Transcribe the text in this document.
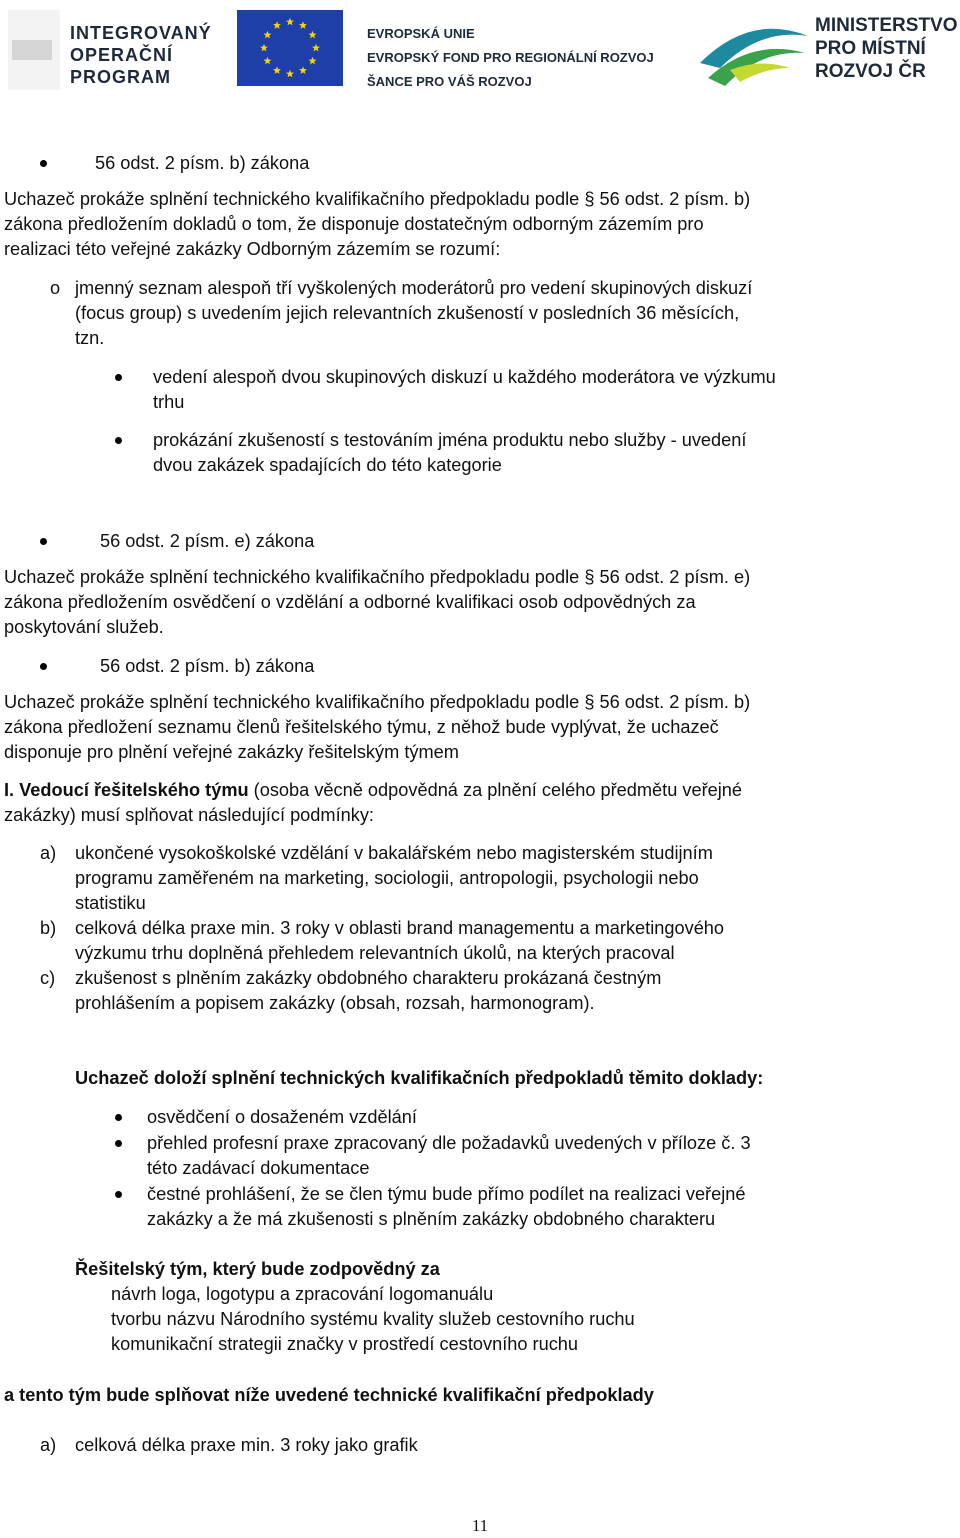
INTEGROVANÝ
OPERAČNÍ
PROGRAM
EVROPSKÁ UNIE
EVROPSKÝ FOND PRO REGIONÁLNÍ ROZVOJ
ŠANCE PRO VÁŠ ROZVOJ
MINISTERSTVO
PRO MÍSTNÍ
ROZVOJ ČR
56 odst. 2 písm. b) zákona
Uchazeč prokáže splnění technického kvalifikačního předpokladu podle § 56 odst. 2 písm. b)
zákona předložením dokladů o tom, že disponuje dostatečným odborným zázemím pro
realizaci této veřejné zakázky Odborným zázemím se rozumí:
o jmenný seznam alespoň tří vyškolených moderátorů pro vedení skupinových diskuzí
(focus group) s uvedením jejich relevantních zkušeností v posledních 36 měsících,
tzn.
vedení alespoň dvou skupinových diskuzí u každého moderátora ve výzkumu
trhu
prokázání zkušeností s testováním jména produktu nebo služby - uvedení
dvou zakázek spadajících do této kategorie
56 odst. 2 písm. e) zákona
Uchazeč prokáže splnění technického kvalifikačního předpokladu podle § 56 odst. 2 písm. e)
zákona předložením osvědčení o vzdělání a odborné kvalifikaci osob odpovědných za
poskytování služeb.
56 odst. 2 písm. b) zákona
Uchazeč prokáže splnění technického kvalifikačního předpokladu podle § 56 odst. 2 písm. b)
zákona předložení seznamu členů řešitelského týmu, z něhož bude vyplývat, že uchazeč
disponuje pro plnění veřejné zakázky řešitelským týmem
I. Vedoucí řešitelského týmu (osoba věcně odpovědná za plnění celého předmětu veřejné
zakázky) musí splňovat následující podmínky:
a) ukončené vysokoškolské vzdělání v bakalářském nebo magisterském studijním
programu zaměřeném na marketing, sociologii, antropologii, psychologii nebo
statistiku
b) celková délka praxe min. 3 roky v oblasti brand managementu a marketingového
výzkumu trhu doplněná přehledem relevantních úkolů, na kterých pracoval
c) zkušenost s plněním zakázky obdobného charakteru prokázaná čestným
prohlášením a popisem zakázky (obsah, rozsah, harmonogram).
Uchazeč doloží splnění technických kvalifikačních předpokladů těmito doklady:
osvědčení o dosaženém vzdělání
přehled profesní praxe zpracovaný dle požadavků uvedených v příloze č. 3
této zadávací dokumentace
čestné prohlášení, že se člen týmu bude přímo podílet na realizaci veřejné
zakázky a že má zkušenosti s plněním zakázky obdobného charakteru
Řešitelský tým, který bude zodpovědný za
návrh loga, logotypu a zpracování logomanuálu
tvorbu názvu Národního systému kvality služeb cestovního ruchu
komunikační strategii značky v prostředí cestovního ruchu
a tento tým bude splňovat níže uvedené technické kvalifikační předpoklady
a) celková délka praxe min. 3 roky jako grafik
11
